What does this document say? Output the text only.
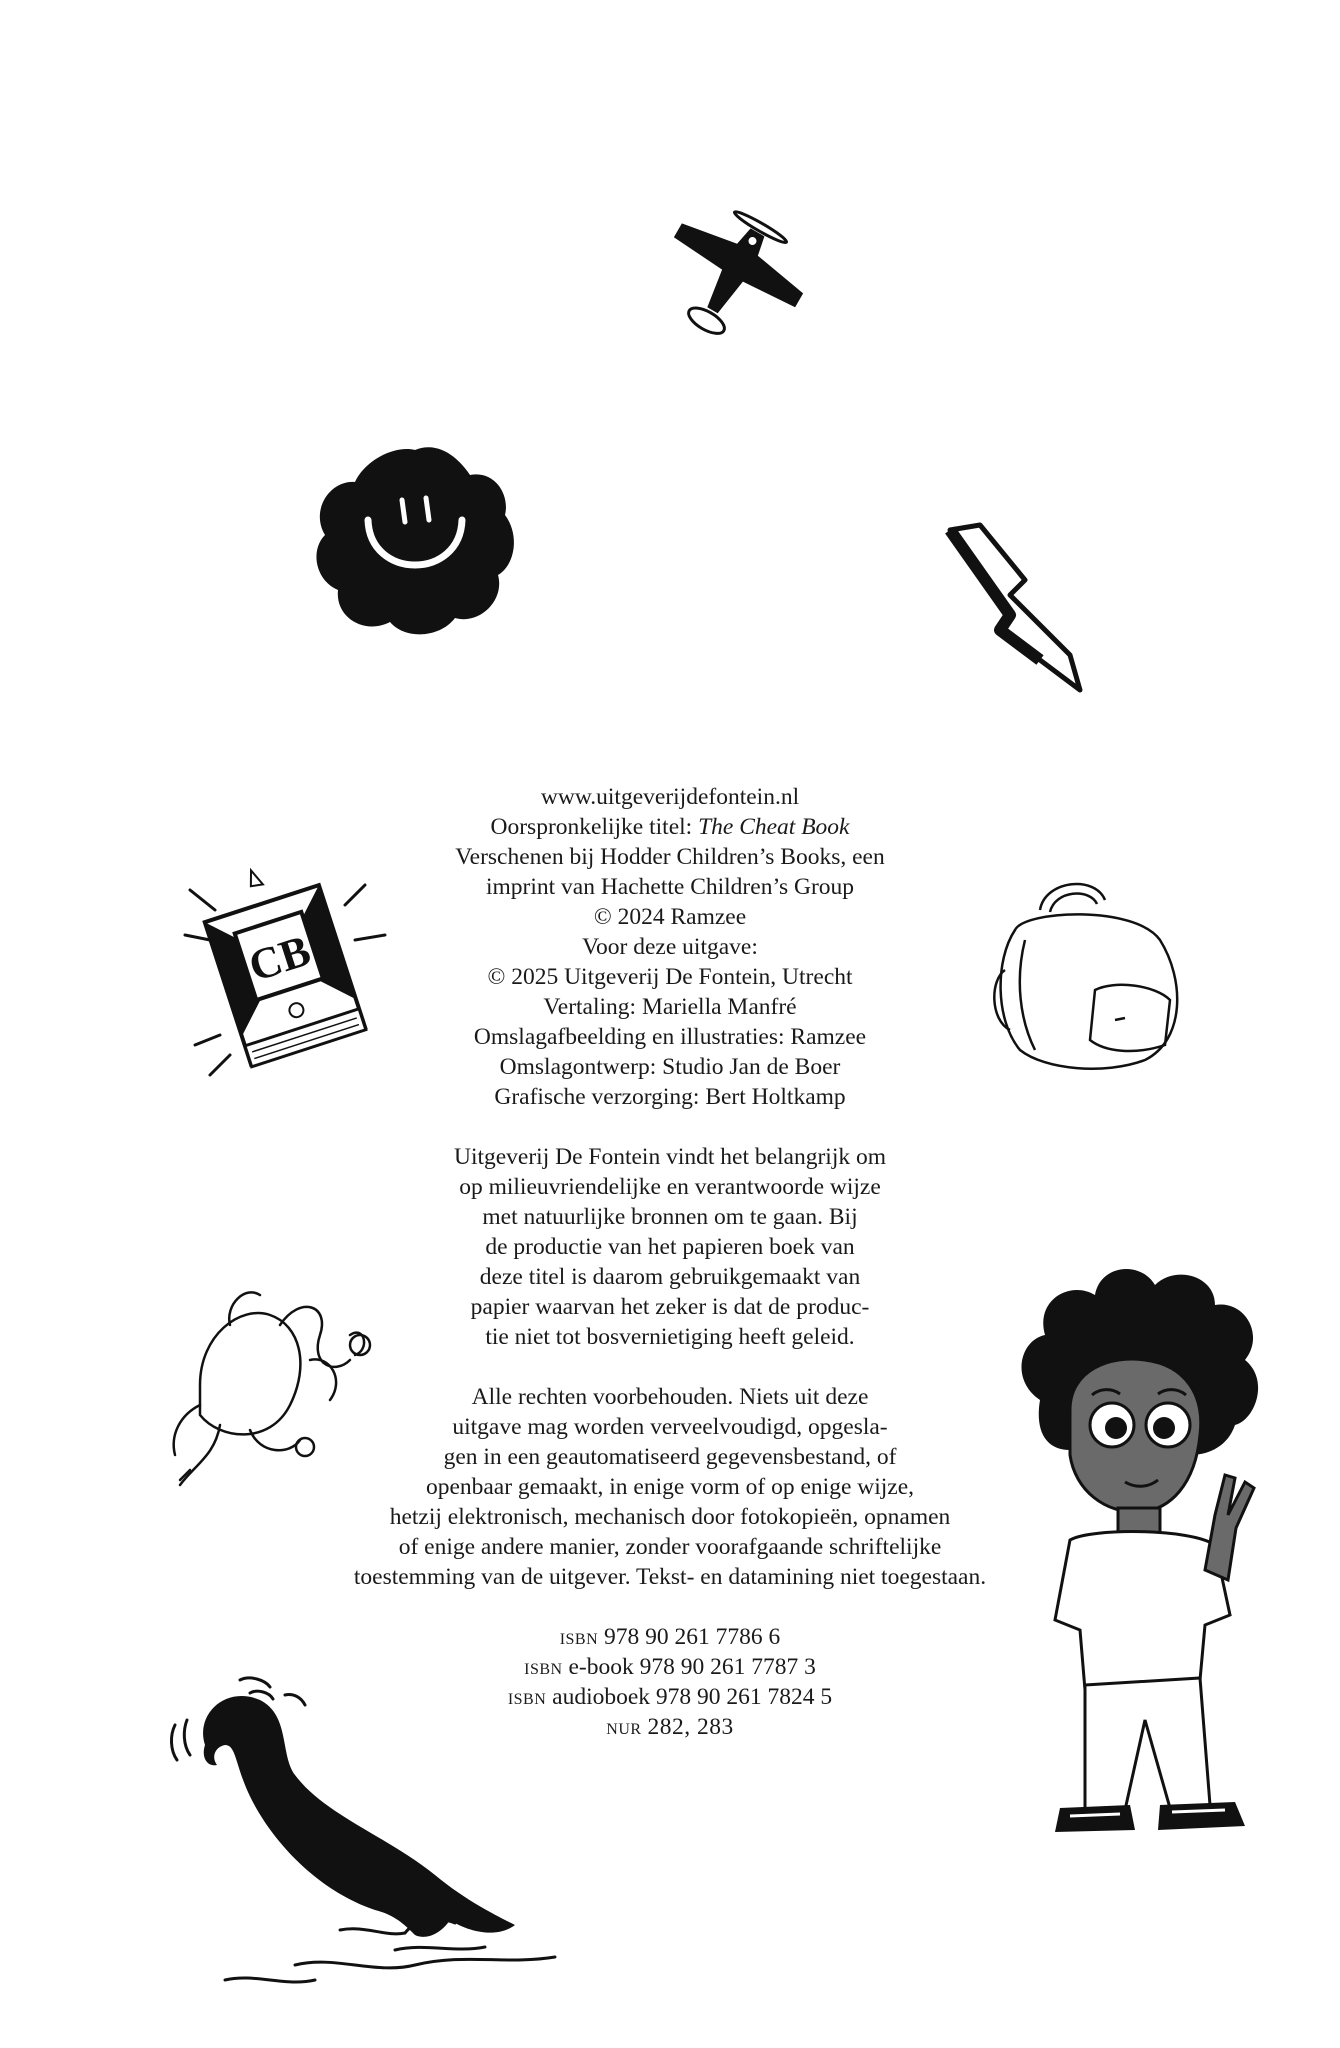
CB

www.uitgeverijdefontein.nl

Oorspronkelijke titel: The Cheat Book

Verschenen bij Hodder Children’s Books, een

imprint van Hachette Children’s Group

© 2024 Ramzee

Voor deze uitgave:

© 2025 Uitgeverij De Fontein, Utrecht

Vertaling: Mariella Manfré

Omslagafbeelding en illustraties: Ramzee

Omslagontwerp: Studio Jan de Boer

Grafische verzorging: Bert Holtkamp

Uitgeverij De Fontein vindt het belangrijk om

op milieuvriendelijke en verantwoorde wijze

met natuurlijke bronnen om te gaan. Bij

de productie van het papieren boek van

deze titel is daarom gebruikgemaakt van

papier waarvan het zeker is dat de produc-

tie niet tot bosvernietiging heeft geleid.

Alle rechten voorbehouden. Niets uit deze

uitgave mag worden verveelvoudigd, opgesla-

gen in een geautomatiseerd gegevensbestand, of

openbaar gemaakt, in enige vorm of op enige wijze,

hetzij elektronisch, mechanisch door fotokopieën, opnamen

of enige andere manier, zonder voorafgaande schriftelijke

toestemming van de uitgever. Tekst- en datamining niet toegestaan.

isbn 978 90 261 7786 6

isbn e-book 978 90 261 7787 3

isbn audioboek 978 90 261 7824 5

nur 282, 283
